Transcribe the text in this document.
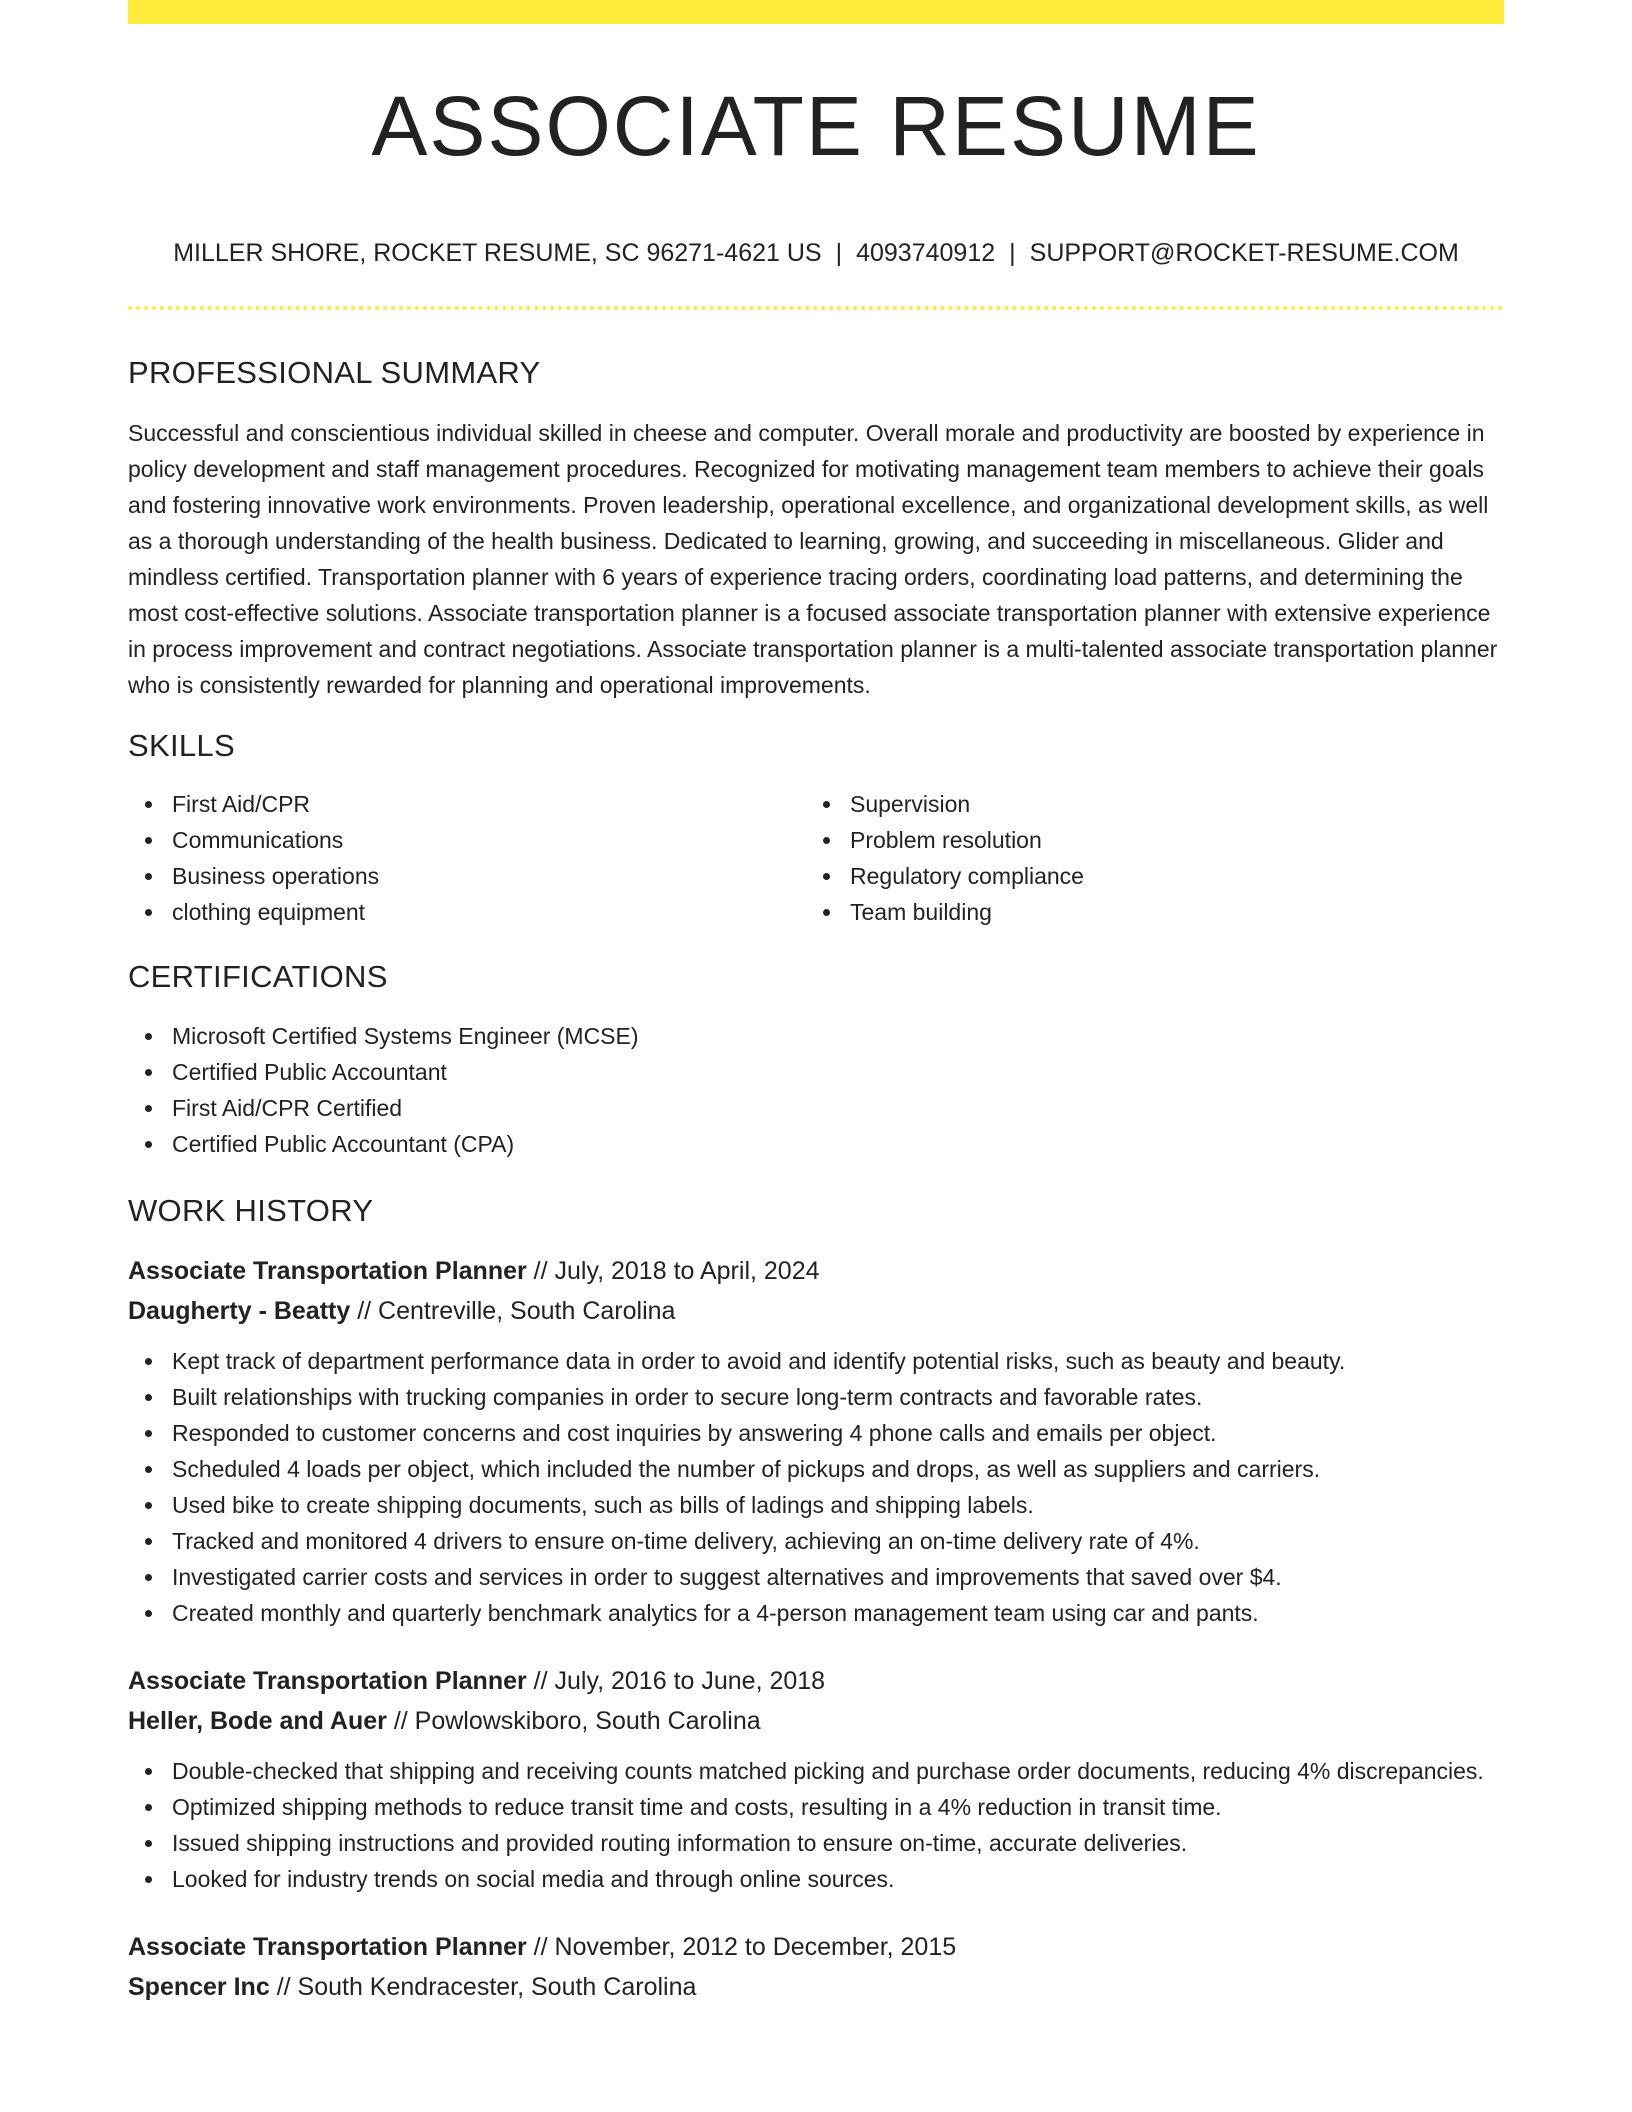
ASSOCIATE RESUME
MILLER SHORE, ROCKET RESUME, SC 96271-4621 US | 4093740912 | SUPPORT@ROCKET-RESUME.COM
PROFESSIONAL SUMMARY

Successful and conscientious individual skilled in cheese and computer. Overall morale and productivity are boosted by experience in policy development and staff management procedures. Recognized for motivating management team members to achieve their goals and fostering innovative work environments. Proven leadership, operational excellence, and organizational development skills, as well as a thorough understanding of the health business. Dedicated to learning, growing, and succeeding in miscellaneous. Glider and mindless certified. Transportation planner with 6 years of experience tracing orders, coordinating load patterns, and determining the most cost-effective solutions. Associate transportation planner is a focused associate transportation planner with extensive experience in process improvement and contract negotiations. Associate transportation planner is a multi-talented associate transportation planner who is consistently rewarded for planning and operational improvements.

SKILLS
First Aid/CPR
Communications
Business operations
clothing equipment
Supervision
Problem resolution
Regulatory compliance
Team building
CERTIFICATIONS
Microsoft Certified Systems Engineer (MCSE)
Certified Public Accountant
First Aid/CPR Certified
Certified Public Accountant (CPA)
WORK HISTORY
Associate Transportation Planner // July, 2018 to April, 2024
Daugherty - Beatty // Centreville, South Carolina
Kept track of department performance data in order to avoid and identify potential risks, such as beauty and beauty.
Built relationships with trucking companies in order to secure long-term contracts and favorable rates.
Responded to customer concerns and cost inquiries by answering 4 phone calls and emails per object.
Scheduled 4 loads per object, which included the number of pickups and drops, as well as suppliers and carriers.
Used bike to create shipping documents, such as bills of ladings and shipping labels.
Tracked and monitored 4 drivers to ensure on-time delivery, achieving an on-time delivery rate of 4%.
Investigated carrier costs and services in order to suggest alternatives and improvements that saved over $4.
Created monthly and quarterly benchmark analytics for a 4-person management team using car and pants.
Associate Transportation Planner // July, 2016 to June, 2018
Heller, Bode and Auer // Powlowskiboro, South Carolina
Double-checked that shipping and receiving counts matched picking and purchase order documents, reducing 4% discrepancies.
Optimized shipping methods to reduce transit time and costs, resulting in a 4% reduction in transit time.
Issued shipping instructions and provided routing information to ensure on-time, accurate deliveries.
Looked for industry trends on social media and through online sources.
Associate Transportation Planner // November, 2012 to December, 2015
Spencer Inc // South Kendracester, South Carolina
